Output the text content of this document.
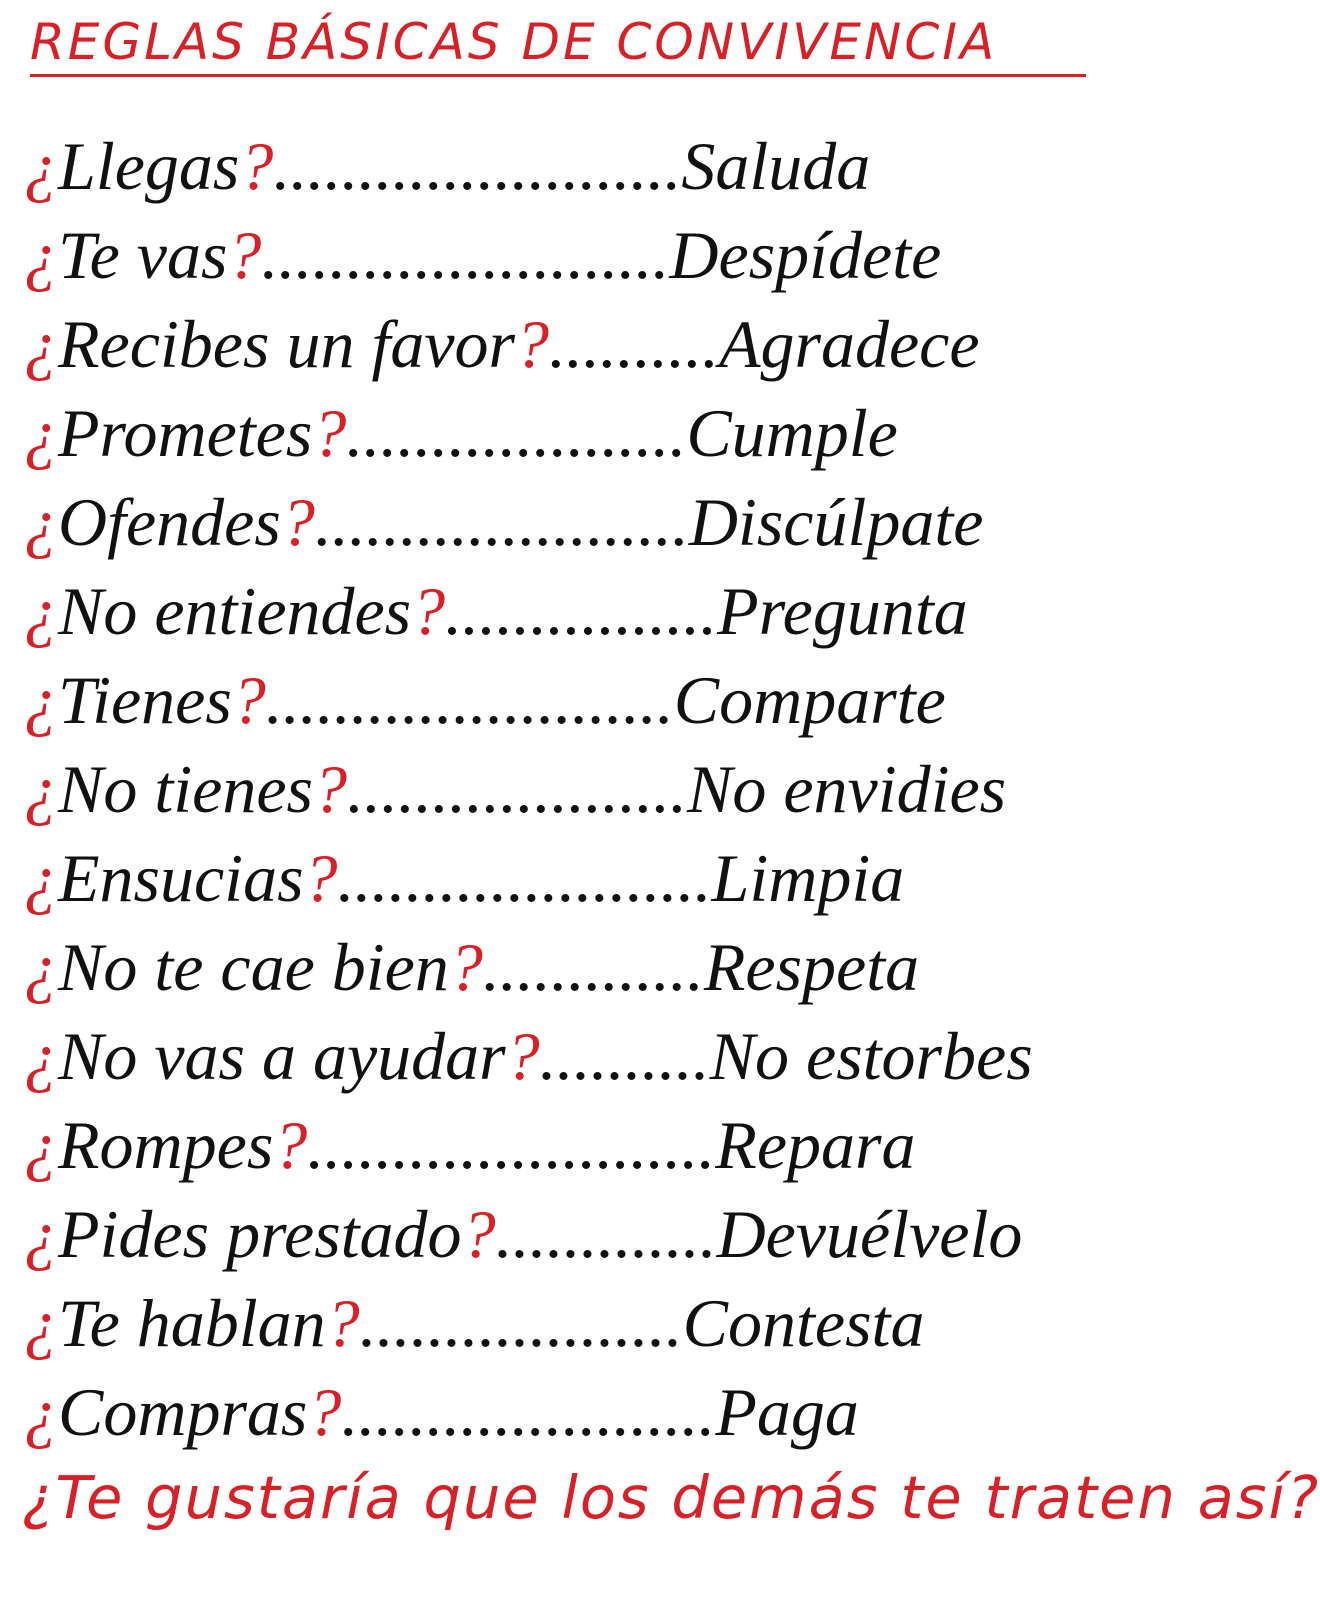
REGLAS BÁSICAS DE CONVIVENCIA
¿ Llegas ? ........................ Saluda
¿ Te vas ? ........................ Despídete
¿ Recibes un favor ? .......... Agradece
¿ Prometes ? .................... Cumple
¿ Ofendes ? ...................... Discúlpate
¿ No entiendes ? ................ Pregunta
¿ Tienes ? ........................ Comparte
¿ No tienes ? .................... No envidies
¿ Ensucias ? ...................... Limpia
¿ No te cae bien ? ............. Respeta
¿ No vas a ayudar ? .......... No estorbes
¿ Rompes ? ........................ Repara
¿ Pides prestado ? ............. Devuélvelo
¿ Te hablan ? ................... Contesta
¿ Compras ? ...................... Paga
¿Te gustaría que los demás te traten así?
